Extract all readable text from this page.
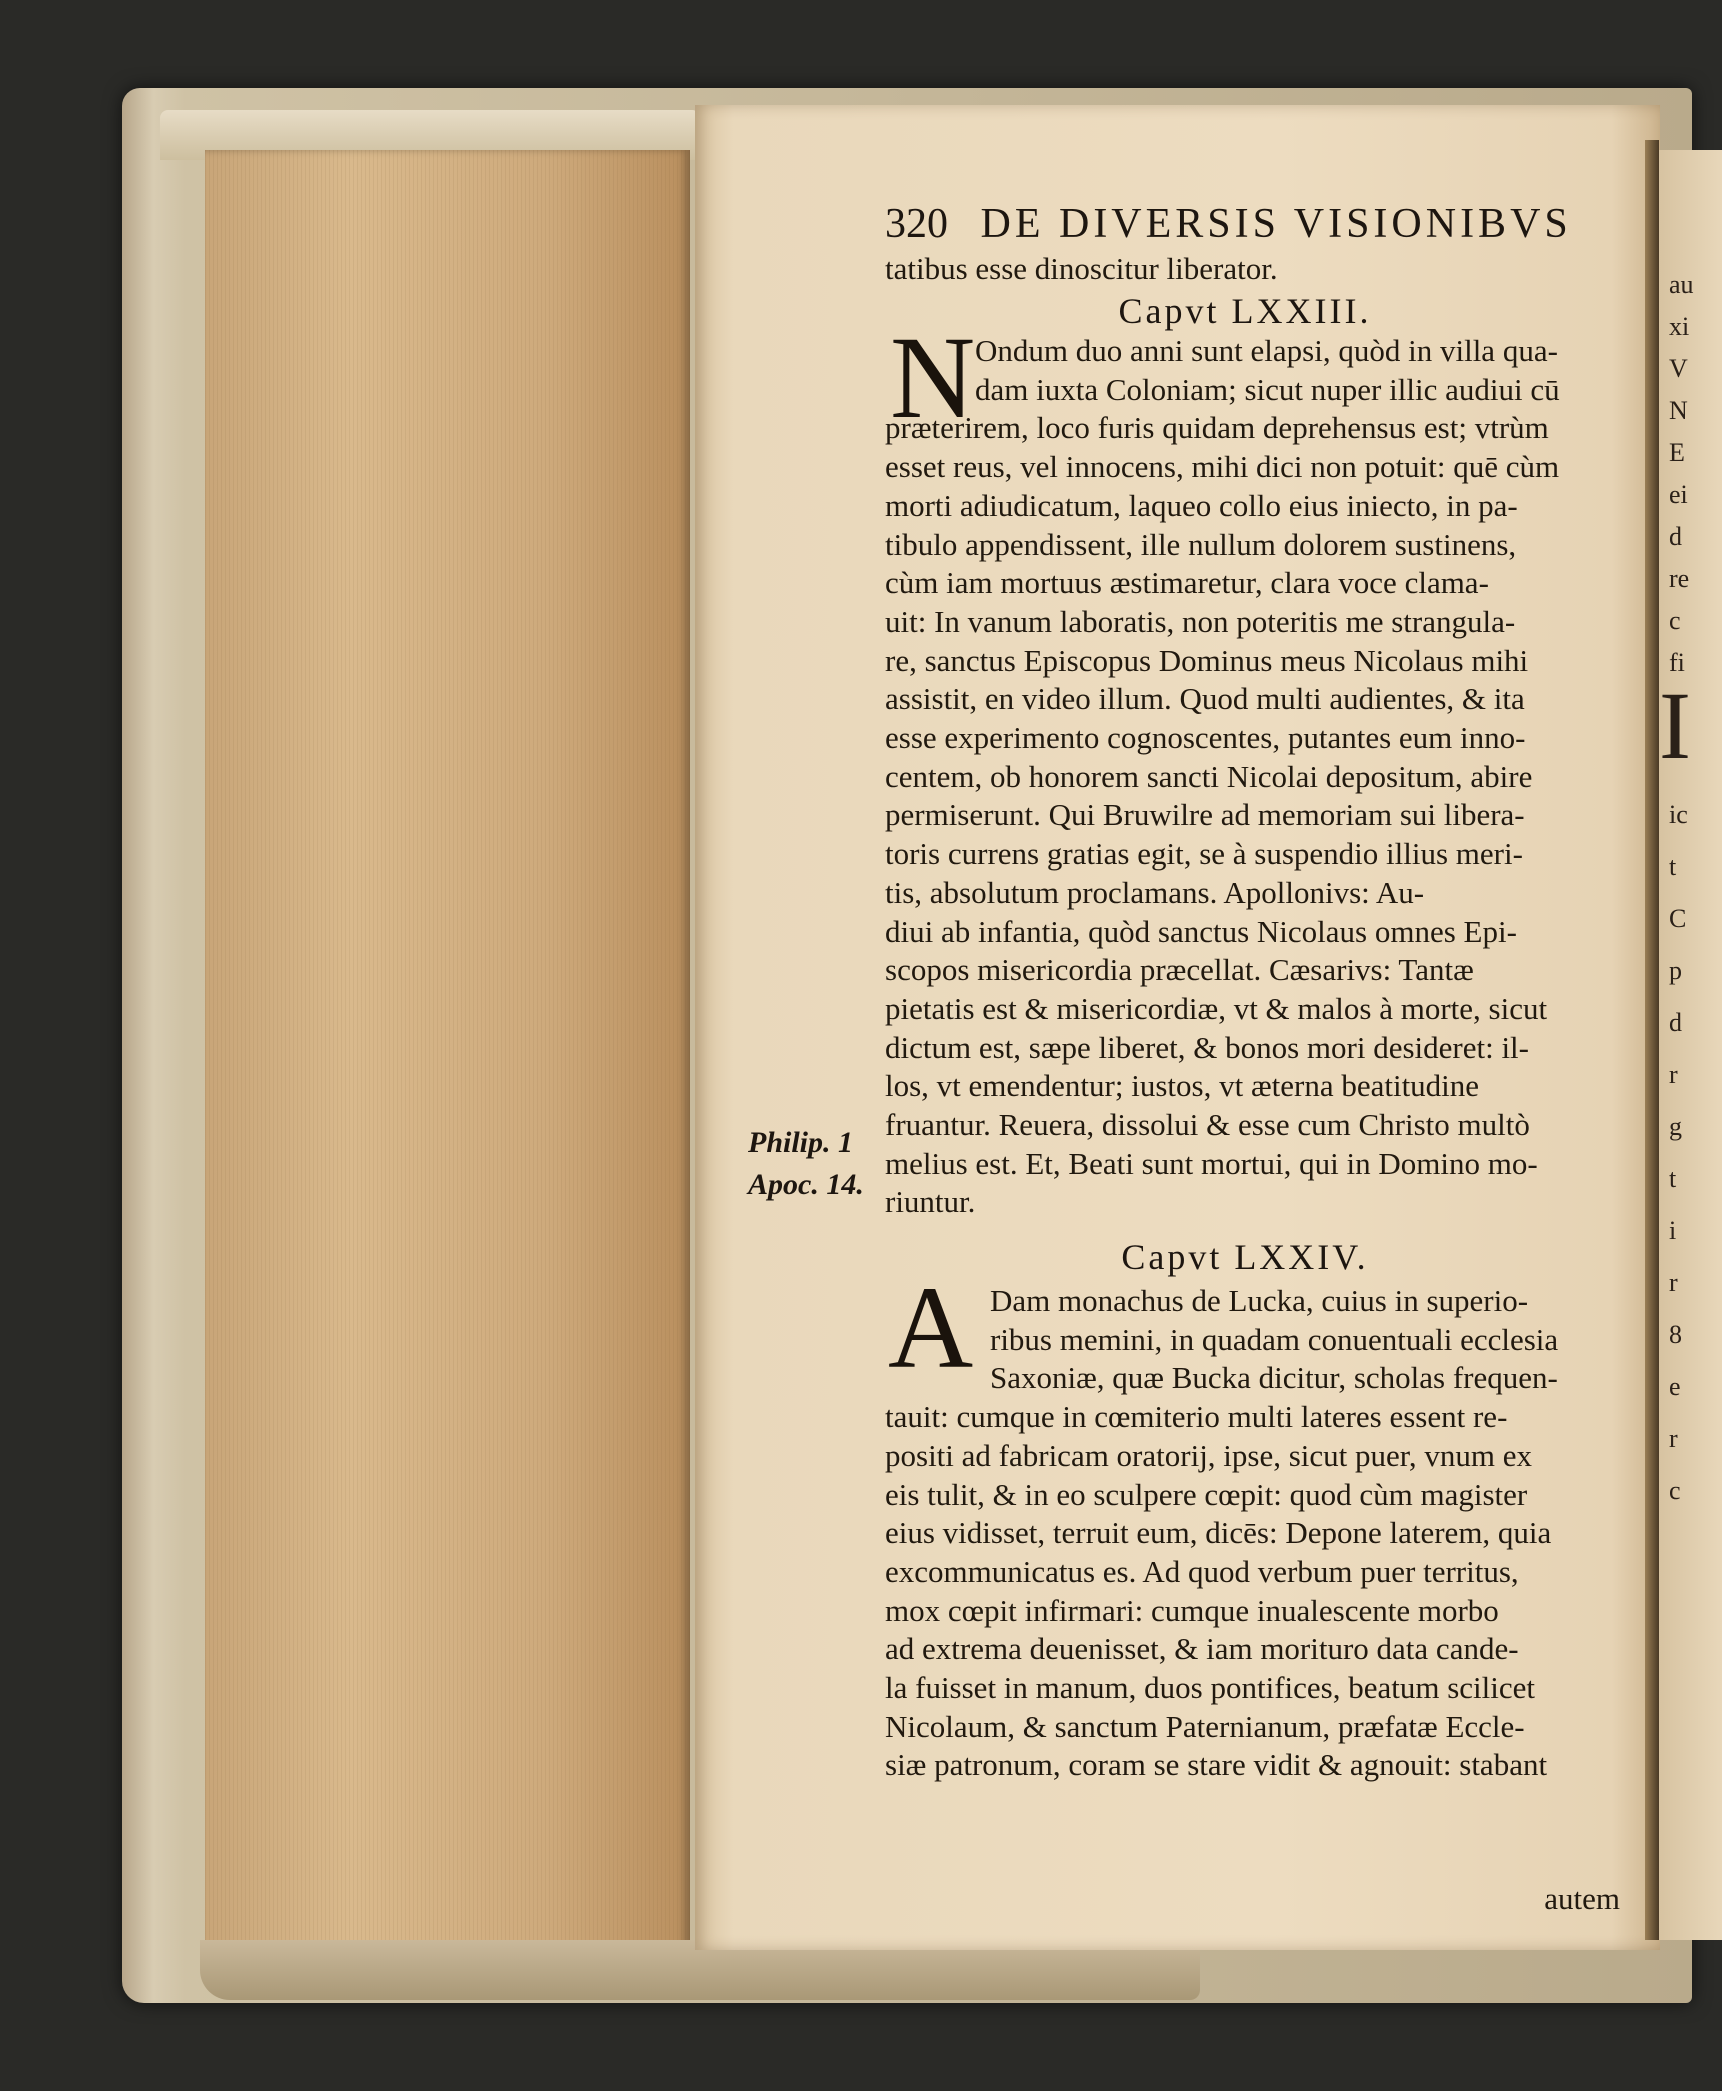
au
xi
V
N
E
ei
d
re
c
fi
I
ic
t
C
p
d
r
g
t
i
r
8
e
r
c
320 DE DIVERSIS VISIONIBVS
tatibus esse dinoscitur liberator.
Capvt LXXIII.
N Ondum duo anni sunt elapsi, quòd in villa qua-
dam iuxta Coloniam; sicut nuper illic audiui cū
præterirem, loco furis quidam deprehensus est; vtrùm
esset reus, vel innocens, mihi dici non potuit: quē cùm
morti adiudicatum, laqueo collo eius iniecto, in pa-
tibulo appendissent, ille nullum dolorem sustinens,
cùm iam mortuus æstimaretur, clara voce clama-
uit: In vanum laboratis, non poteritis me strangula-
re, sanctus Episcopus Dominus meus Nicolaus mihi
assistit, en video illum. Quod multi audientes, & ita
esse experimento cognoscentes, putantes eum inno-
centem, ob honorem sancti Nicolai depositum, abire
permiserunt. Qui Bruwilre ad memoriam sui libera-
toris currens gratias egit, se à suspendio illius meri-
tis, absolutum proclamans. Apollonivs: Au-
diui ab infantia, quòd sanctus Nicolaus omnes Epi-
scopos misericordia præcellat. Cæsarivs: Tantæ
pietatis est & misericordiæ, vt & malos à morte, sicut
dictum est, sæpe liberet, & bonos mori desideret: il-
los, vt emendentur; iustos, vt æterna beatitudine
fruantur. Reuera, dissolui & esse cum Christo multò
melius est. Et, Beati sunt mortui, qui in Domino mo-
riuntur.
Capvt LXXIV.
A Dam monachus de Lucka, cuius in superio-
ribus memini, in quadam conuentuali ecclesia
Saxoniæ, quæ Bucka dicitur, scholas frequen-
tauit: cumque in cœmiterio multi lateres essent re-
positi ad fabricam oratorij, ipse, sicut puer, vnum ex
eis tulit, & in eo sculpere cœpit: quod cùm magister
eius vidisset, terruit eum, dicēs: Depone laterem, quia
excommunicatus es. Ad quod verbum puer territus,
mox cœpit infirmari: cumque inualescente morbo
ad extrema deuenisset, & iam morituro data cande-
la fuisset in manum, duos pontifices, beatum scilicet
Nicolaum, & sanctum Paternianum, præfatæ Eccle-
siæ patronum, coram se stare vidit & agnouit: stabant
autem
Philip. 1
Apoc. 14.
